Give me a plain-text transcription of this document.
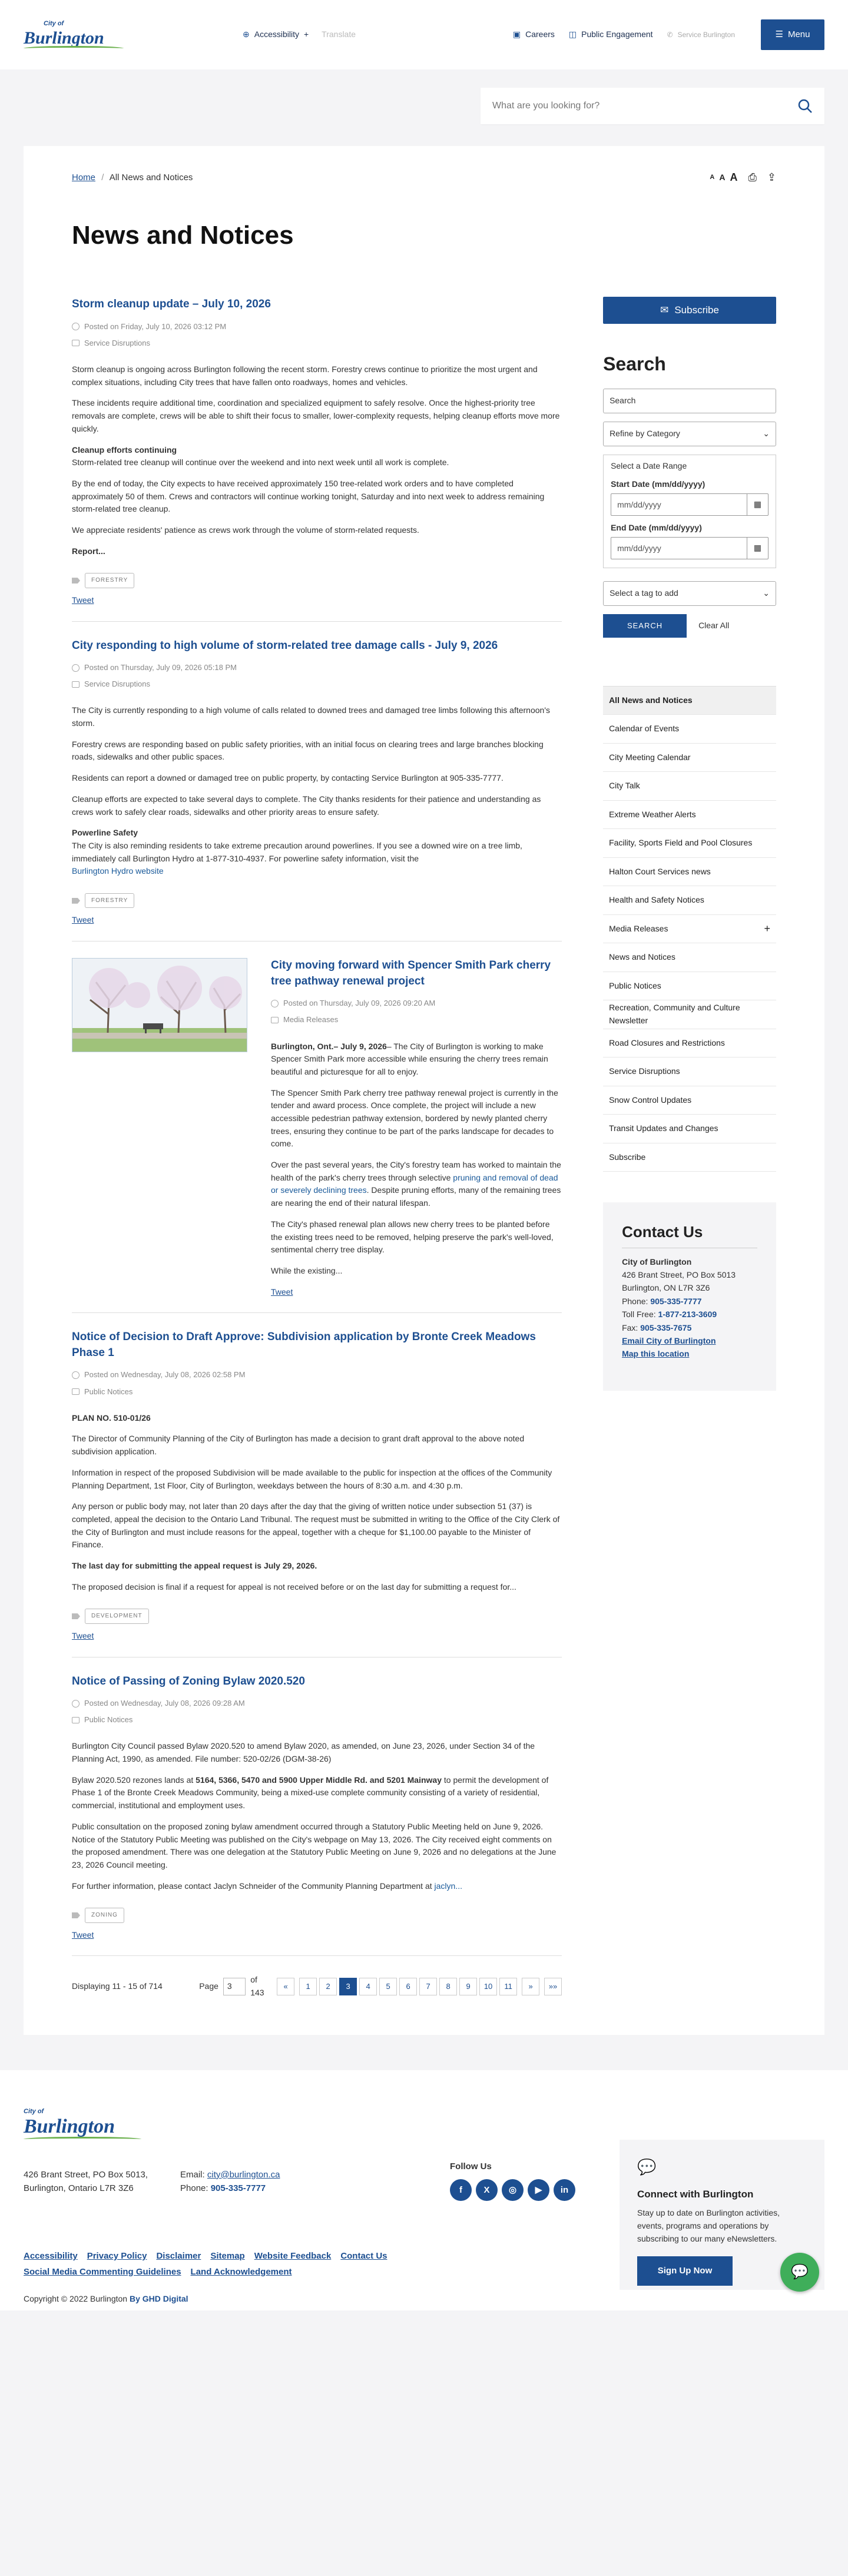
City of
Burlington	⊕ Accessibility + Translate	▣ Careers ◫ Public Engagement ✆ Service Burlington	☰ Menu
What are you looking for?
Home / All News and Notices	A A A ⎙ ⇪
News and Notices
Storm cleanup update – July 10, 2026
Posted on Friday, July 10, 2026 03:12 PM
Service Disruptions

Storm cleanup is ongoing across Burlington following the recent storm. Forestry crews continue to prioritize the most urgent and complex situations, including City trees that have fallen onto roadways, homes and vehicles.

These incidents require additional time, coordination and specialized equipment to safely resolve. Once the highest-priority tree removals are complete, crews will be able to shift their focus to smaller, lower-complexity requests, helping cleanup efforts move more quickly.

Cleanup efforts continuing

Storm-related tree cleanup will continue over the weekend and into next week until all work is complete.

By the end of today, the City expects to have received approximately 150 tree-related work orders and to have completed approximately 50 of them. Crews and contractors will continue working tonight, Saturday and into next week to address remaining storm-related tree cleanup.

We appreciate residents' patience as crews work through the volume of storm-related requests.

Report...

FORESTRY
Tweet
City responding to high volume of storm-related tree damage calls - July 9, 2026
Posted on Thursday, July 09, 2026 05:18 PM
Service Disruptions

The City is currently responding to a high volume of calls related to downed trees and damaged tree limbs following this afternoon's storm.

Forestry crews are responding based on public safety priorities, with an initial focus on clearing trees and large branches blocking roads, sidewalks and other public spaces.

Residents can report a downed or damaged tree on public property, by contacting Service Burlington at 905-335-7777.

Cleanup efforts are expected to take several days to complete. The City thanks residents for their patience and understanding as crews work to safely clear roads, sidewalks and other priority areas to ensure safety.

Powerline Safety

The City is also reminding residents to take extreme precaution around powerlines. If you see a downed wire on a tree limb, immediately call Burlington Hydro at 1-877-310-4937. For powerline safety information, visit the
Burlington Hydro website

FORESTRY
Tweet
City moving forward with Spencer Smith Park cherry tree pathway renewal project
Posted on Thursday, July 09, 2026 09:20 AM
Media Releases

Burlington, Ont.– July 9, 2026– The City of Burlington is working to make Spencer Smith Park more accessible while ensuring the cherry trees remain beautiful and picturesque for all to enjoy.

The Spencer Smith Park cherry tree pathway renewal project is currently in the tender and award process. Once complete, the project will include a new accessible pedestrian pathway extension, bordered by newly planted cherry trees, ensuring they continue to be part of the parks landscape for decades to come.

Over the past several years, the City's forestry team has worked to maintain the health of the park's cherry trees through selective pruning and removal of dead or severely declining trees. Despite pruning efforts, many of the remaining trees are nearing the end of their natural lifespan.

The City's phased renewal plan allows new cherry trees to be planted before the existing trees need to be removed, helping preserve the park's well-loved, sentimental cherry tree display.

While the existing...

Tweet
Notice of Decision to Draft Approve: Subdivision application by Bronte Creek Meadows Phase 1
Posted on Wednesday, July 08, 2026 02:58 PM
Public Notices

PLAN NO. 510-01/26

The Director of Community Planning of the City of Burlington has made a decision to grant draft approval to the above noted subdivision application.

Information in respect of the proposed Subdivision will be made available to the public for inspection at the offices of the Community Planning Department, 1st Floor, City of Burlington, weekdays between the hours of 8:30 a.m. and 4:30 p.m.

Any person or public body may, not later than 20 days after the day that the giving of written notice under subsection 51 (37) is completed, appeal the decision to the Ontario Land Tribunal. The request must be submitted in writing to the Office of the City Clerk of the City of Burlington and must include reasons for the appeal, together with a cheque for $1,100.00 payable to the Minister of Finance.

The last day for submitting the appeal request is July 29, 2026.

The proposed decision is final if a request for appeal is not received before or on the last day for submitting a request for...

DEVELOPMENT
Tweet
Notice of Passing of Zoning Bylaw 2020.520
Posted on Wednesday, July 08, 2026 09:28 AM
Public Notices

Burlington City Council passed Bylaw 2020.520 to amend Bylaw 2020, as amended, on June 23, 2026, under Section 34 of the Planning Act, 1990, as amended. File number: 520-02/26 (DGM-38-26)

Bylaw 2020.520 rezones lands at 5164, 5366, 5470 and 5900 Upper Middle Rd. and 5201 Mainway to permit the development of Phase 1 of the Bronte Creek Meadows Community, being a mixed-use complete community consisting of a variety of residential, commercial, institutional and employment uses.

Public consultation on the proposed zoning bylaw amendment occurred through a Statutory Public Meeting held on June 9, 2026. Notice of the Statutory Public Meeting was published on the City's webpage on May 13, 2026. The City received eight comments on the proposed amendment. There was one delegation at the Statutory Public Meeting on June 9, 2026 and no delegations at the June 23, 2026 Council meeting.

For further information, please contact Jaclyn Schneider of the Community Planning Department at jaclyn...

ZONING
Tweet
Displaying 11 - 15 of 714	Page	3
of 143
«	1	2	3	4	5	6	7	8	9	10	11	»	»»
✉ Subscribe
Search
Search
Refine by Category	⌄
Select a Date Range
Start Date (mm/dd/yyyy)
mm/dd/yyyy	▦
End Date (mm/dd/yyyy)
mm/dd/yyyy	▦
Select a tag to add	⌄
SEARCH	Clear All
All News and Notices
Calendar of Events
City Meeting Calendar
City Talk
Extreme Weather Alerts
Facility, Sports Field and Pool Closures
Halton Court Services news
Health and Safety Notices
Media Releases	+
News and Notices
Public Notices
Recreation, Community and Culture Newsletter
Road Closures and Restrictions
Service Disruptions
Snow Control Updates
Transit Updates and Changes
Subscribe
Contact Us
City of Burlington
426 Brant Street, PO Box 5013
Burlington, ON L7R 3Z6
Phone: 905-335-7777
Toll Free: 1-877-213-3609
Fax: 905-335-7675
Email City of Burlington
Map this location
City of
Burlington
426 Brant Street, PO Box 5013,
Burlington, Ontario L7R 3Z6
Email: city@burlington.ca
Phone: 905-335-7777
Follow Us
f	X	◎	▶	in
💬
Connect with Burlington

Stay up to date on Burlington activities, events, programs and operations by subscribing to our many eNewsletters.

Sign Up Now
Accessibility Privacy Policy Disclaimer Sitemap Website Feedback Contact Us
Social Media Commenting Guidelines Land Acknowledgement
Copyright © 2022 Burlington By GHD Digital
💬
